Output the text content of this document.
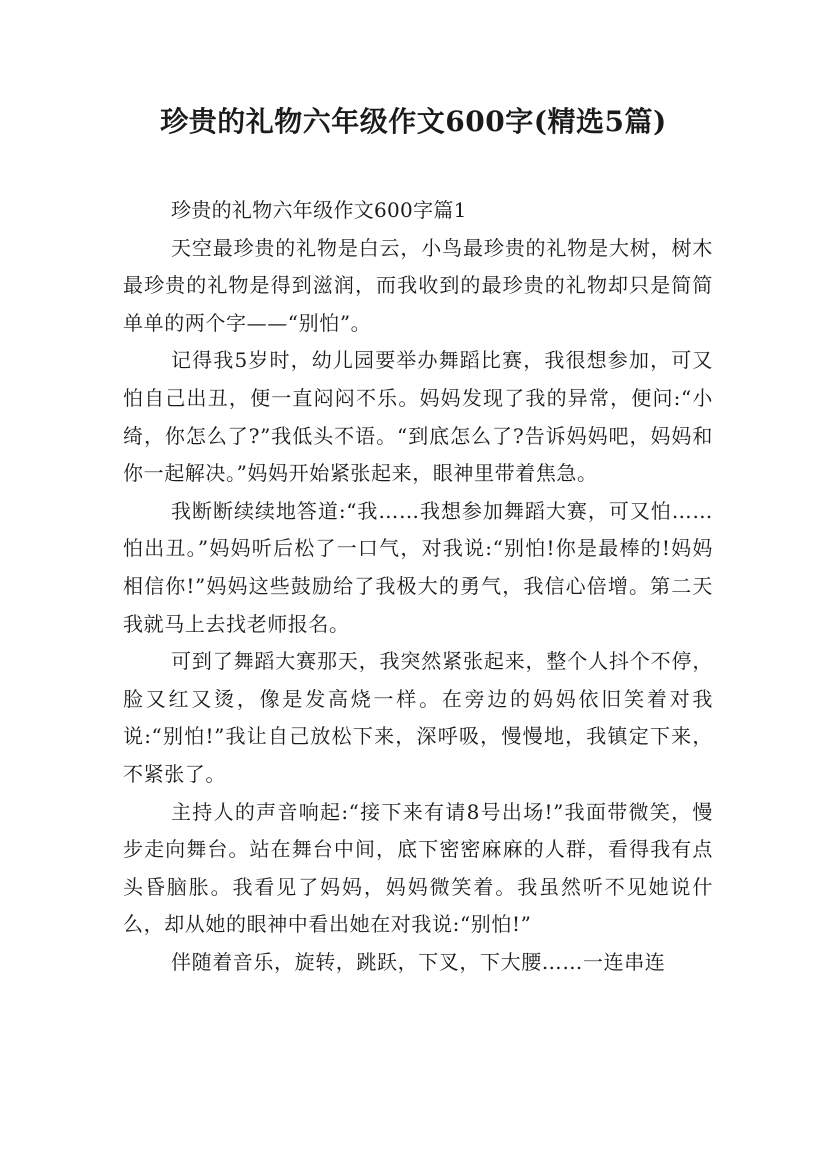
珍贵的礼物六年级作文600字(精选5篇)

珍贵的礼物六年级作文600字篇1

天空最珍贵的礼物是白云，小鸟最珍贵的礼物是大树，树木最珍贵的礼物是得到滋润，而我收到的最珍贵的礼物却只是简简单单的两个字——“别怕”。

记得我5岁时，幼儿园要举办舞蹈比赛，我很想参加，可又怕自己出丑，便一直闷闷不乐。妈妈发现了我的异常，便问:“小绮，你怎么了?”我低头不语。“到底怎么了?告诉妈妈吧，妈妈和你一起解决。”妈妈开始紧张起来，眼神里带着焦急。

我断断续续地答道:“我……我想参加舞蹈大赛，可又怕……怕出丑。”妈妈听后松了一口气，对我说:“别怕!你是最棒的!妈妈相信你!”妈妈这些鼓励给了我极大的勇气，我信心倍增。第二天我就马上去找老师报名。

可到了舞蹈大赛那天，我突然紧张起来，整个人抖个不停，脸又红又烫，像是发高烧一样。在旁边的妈妈依旧笑着对我说:“别怕!”我让自己放松下来，深呼吸，慢慢地，我镇定下来，不紧张了。

主持人的声音响起:“接下来有请8号出场!”我面带微笑，慢步走向舞台。站在舞台中间，底下密密麻麻的人群，看得我有点头昏脑胀。我看见了妈妈，妈妈微笑着。我虽然听不见她说什么，却从她的眼神中看出她在对我说:“别怕!”

伴随着音乐，旋转，跳跃，下叉，下大腰……一连串连
